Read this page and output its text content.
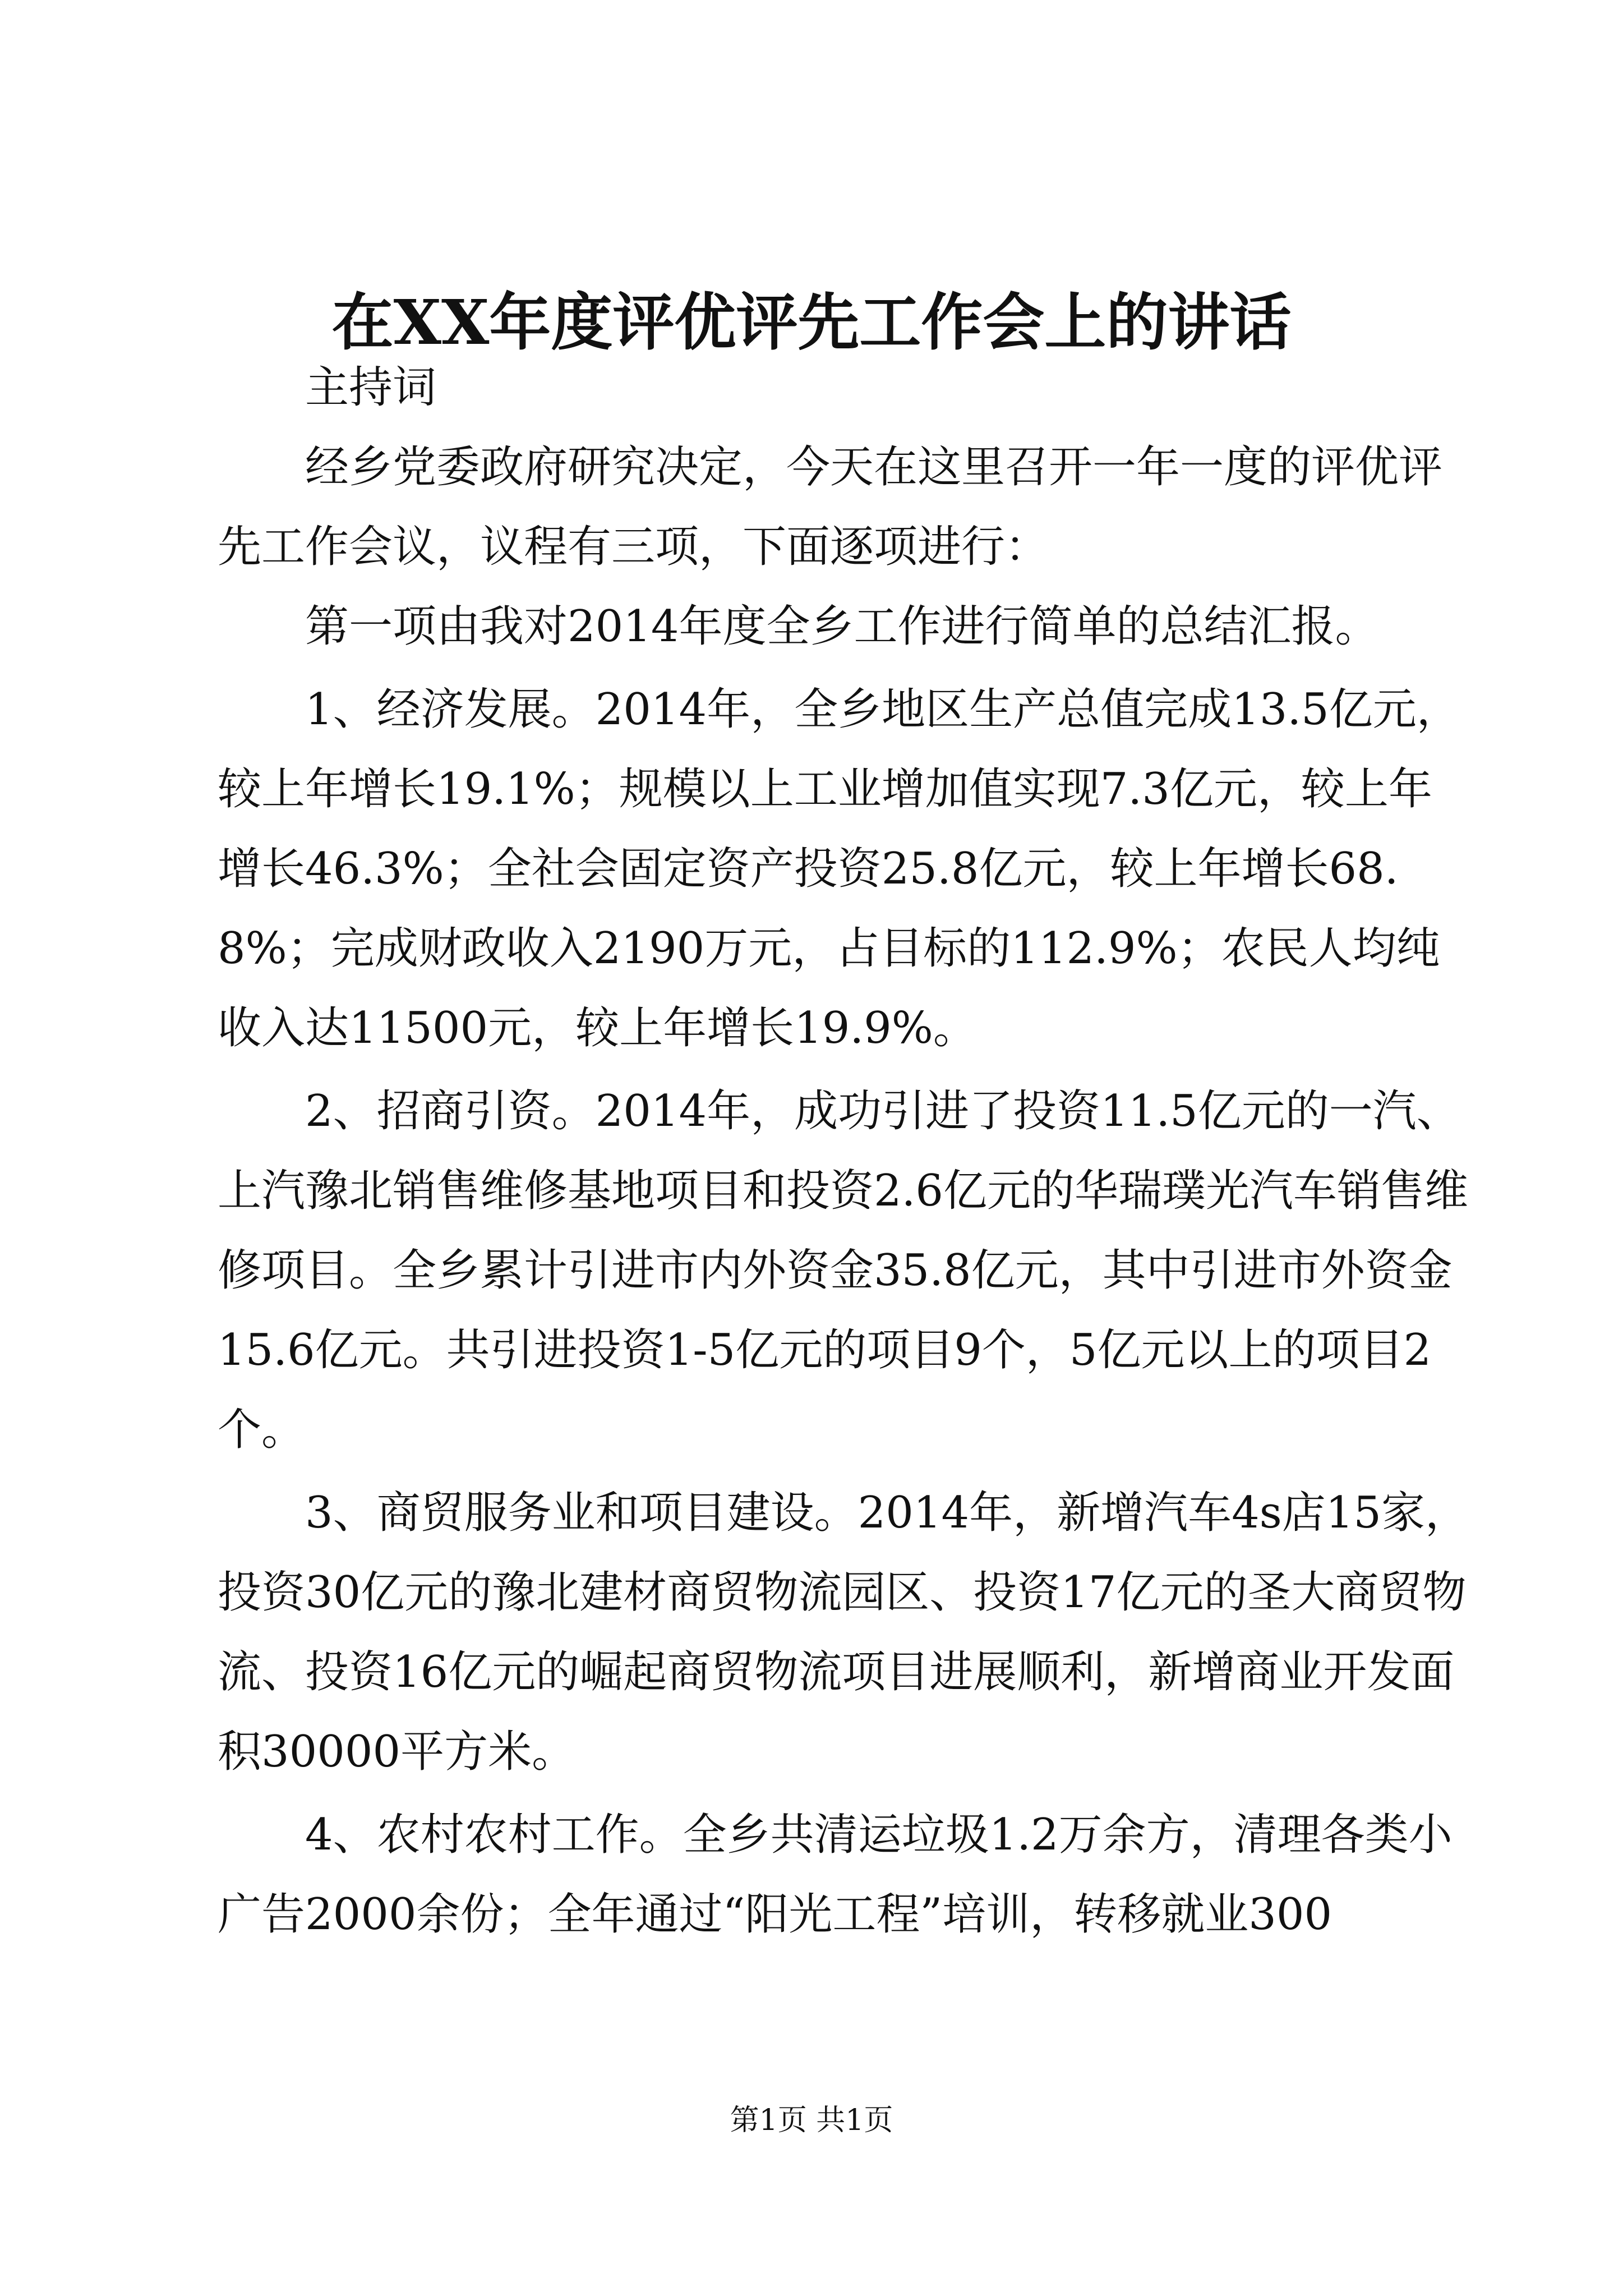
在XX年度评优评先工作会上的讲话

主持词

经乡党委政府研究决定，今天在这里召开一年一度的评优评先工作会议，议程有三项，下面逐项进行：

第一项由我对2014年度全乡工作进行简单的总结汇报。

1、经济发展。2014年，全乡地区生产总值完成13.5亿元，较上年增长19.1%；规模以上工业增加值实现7.3亿元，较上年增长46.3%；全社会固定资产投资25.8亿元，较上年增长68.8%；完成财政收入2190万元，占目标的112.9%；农民人均纯收入达11500元，较上年增长19.9%。

2、招商引资。2014年，成功引进了投资11.5亿元的一汽、上汽豫北销售维修基地项目和投资2.6亿元的华瑞璞光汽车销售维修项目。全乡累计引进市内外资金35.8亿元，其中引进市外资金15.6亿元。共引进投资1-5亿元的项目9个，5亿元以上的项目2个。

3、商贸服务业和项目建设。2014年，新增汽车4s店15家，投资30亿元的豫北建材商贸物流园区、投资17亿元的圣大商贸物流、投资16亿元的崛起商贸物流项目进展顺利，新增商业开发面积30000平方米。

4、农村农村工作。全乡共清运垃圾1.2万余方，清理各类小广告2000余份；全年通过“阳光工程”培训，转移就业300

第1页 共1页
